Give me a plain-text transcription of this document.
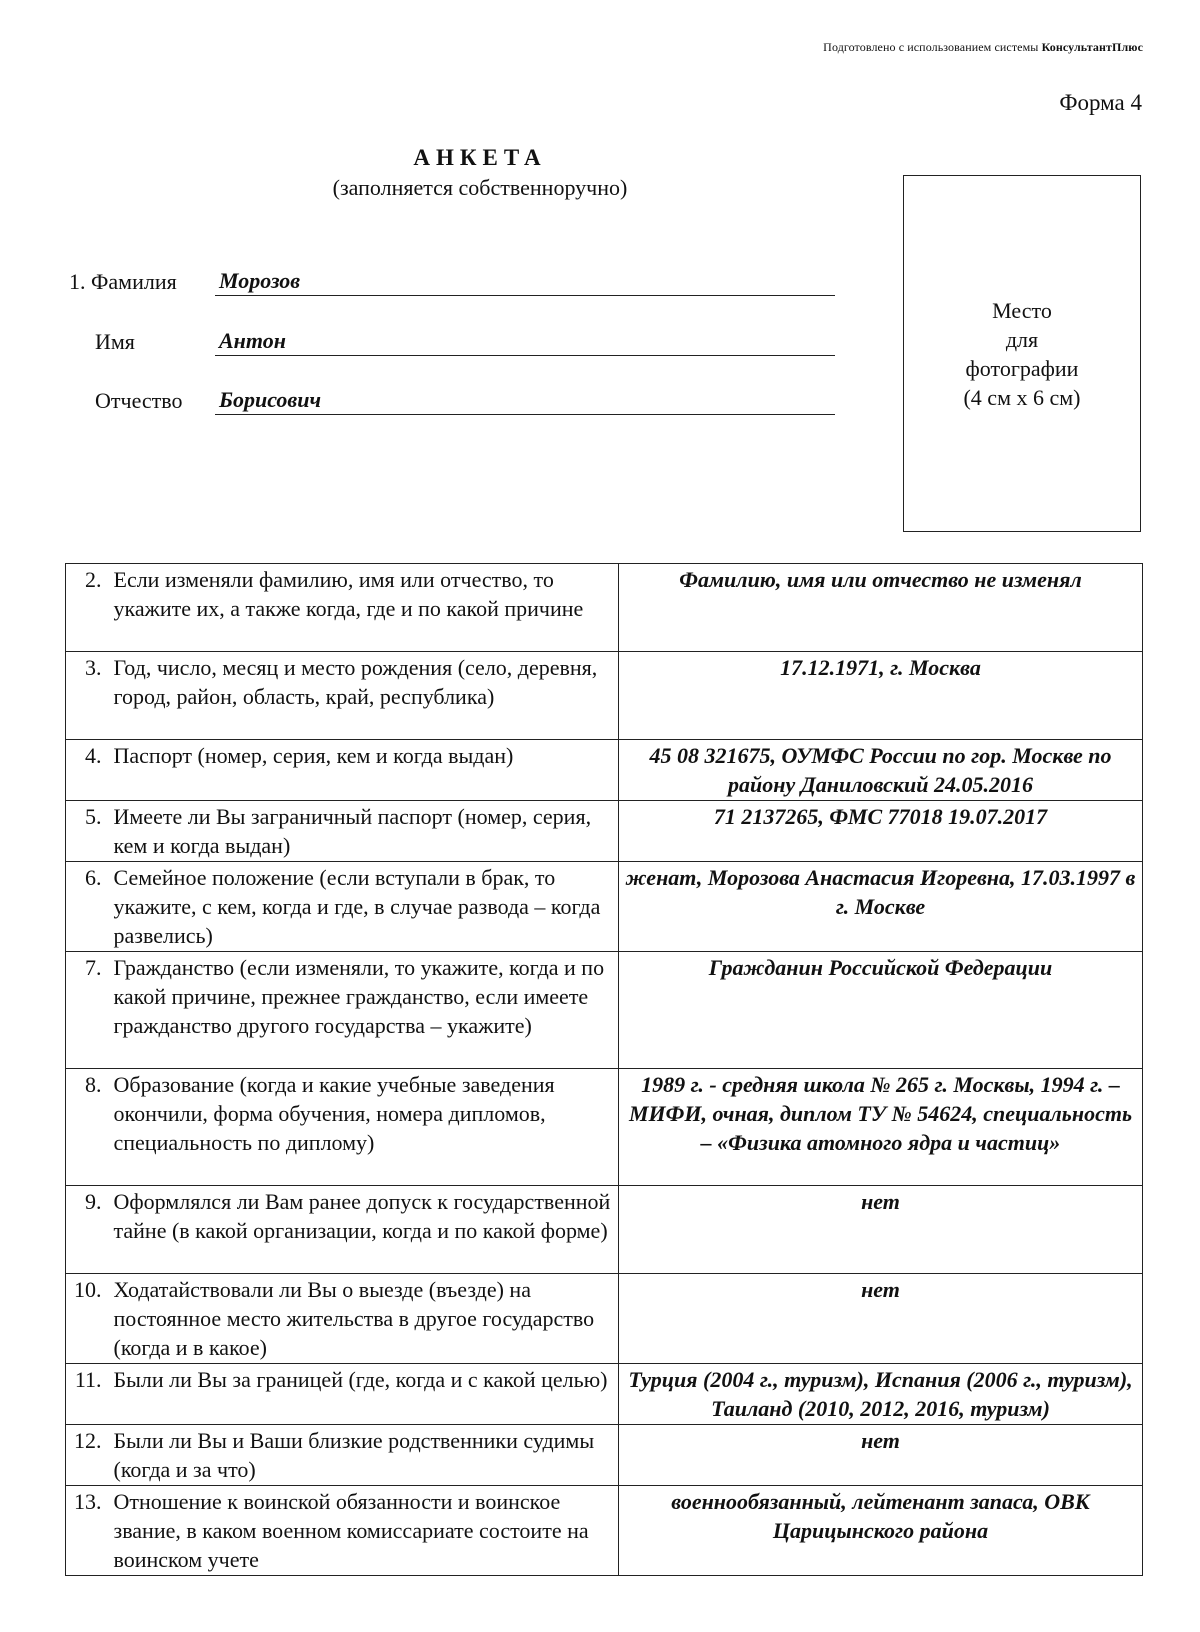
Подготовлено с использованием системы КонсультантПлюс
Форма 4
АНКЕТА
(заполняется собственноручно)
Место
для
фотографии
(4 см х 6 см)
1. Фамилия Морозов
Имя	Антон
Отчество Борисович
2.	Если изменяли фамилию, имя или отчество, то укажите их, а также когда, где и по какой причине	Фамилию, имя или отчество не изменял
3.	Год, число, месяц и место рождения (село, деревня, город, район, область, край, республика)	17.12.1971, г. Москва
4.	Паспорт (номер, серия, кем и когда выдан)	45 08 321675, ОУМФС России по гор. Москве по району Даниловский 24.05.2016
5.	Имеете ли Вы заграничный паспорт (номер, серия, кем и когда выдан)	71 2137265, ФМС 77018 19.07.2017
6.	Семейное положение (если вступали в брак, то укажите, с кем, когда и где, в случае развода – когда развелись)	женат, Морозова Анастасия Игоревна, 17.03.1997 в г. Москве
7.	Гражданство (если изменяли, то укажите, когда и по какой причине, прежнее гражданство, если имеете гражданство другого государства – укажите)	Гражданин Российской Федерации
8.	Образование (когда и какие учебные заведения окончили, форма обучения, номера дипломов, специальность по диплому)	1989 г. - средняя школа № 265 г. Москвы, 1994 г. – МИФИ, очная, диплом ТУ № 54624, специальность – «Физика атомного ядра и частиц»
9.	Оформлялся ли Вам ранее допуск к государственной тайне (в какой организации, когда и по какой форме)	нет
10.	Ходатайствовали ли Вы о выезде (въезде) на постоянное место жительства в другое государство (когда и в какое)	нет
11.	Были ли Вы за границей (где, когда и с какой целью)	Турция (2004 г., туризм), Испания (2006 г., туризм), Таиланд (2010, 2012, 2016, туризм)
12.	Были ли Вы и Ваши близкие родственники судимы (когда и за что)	нет
13.	Отношение к воинской обязанности и воинское звание, в каком военном комиссариате состоите на воинском учете	военнообязанный, лейтенант запаса, ОВК Царицынского района
